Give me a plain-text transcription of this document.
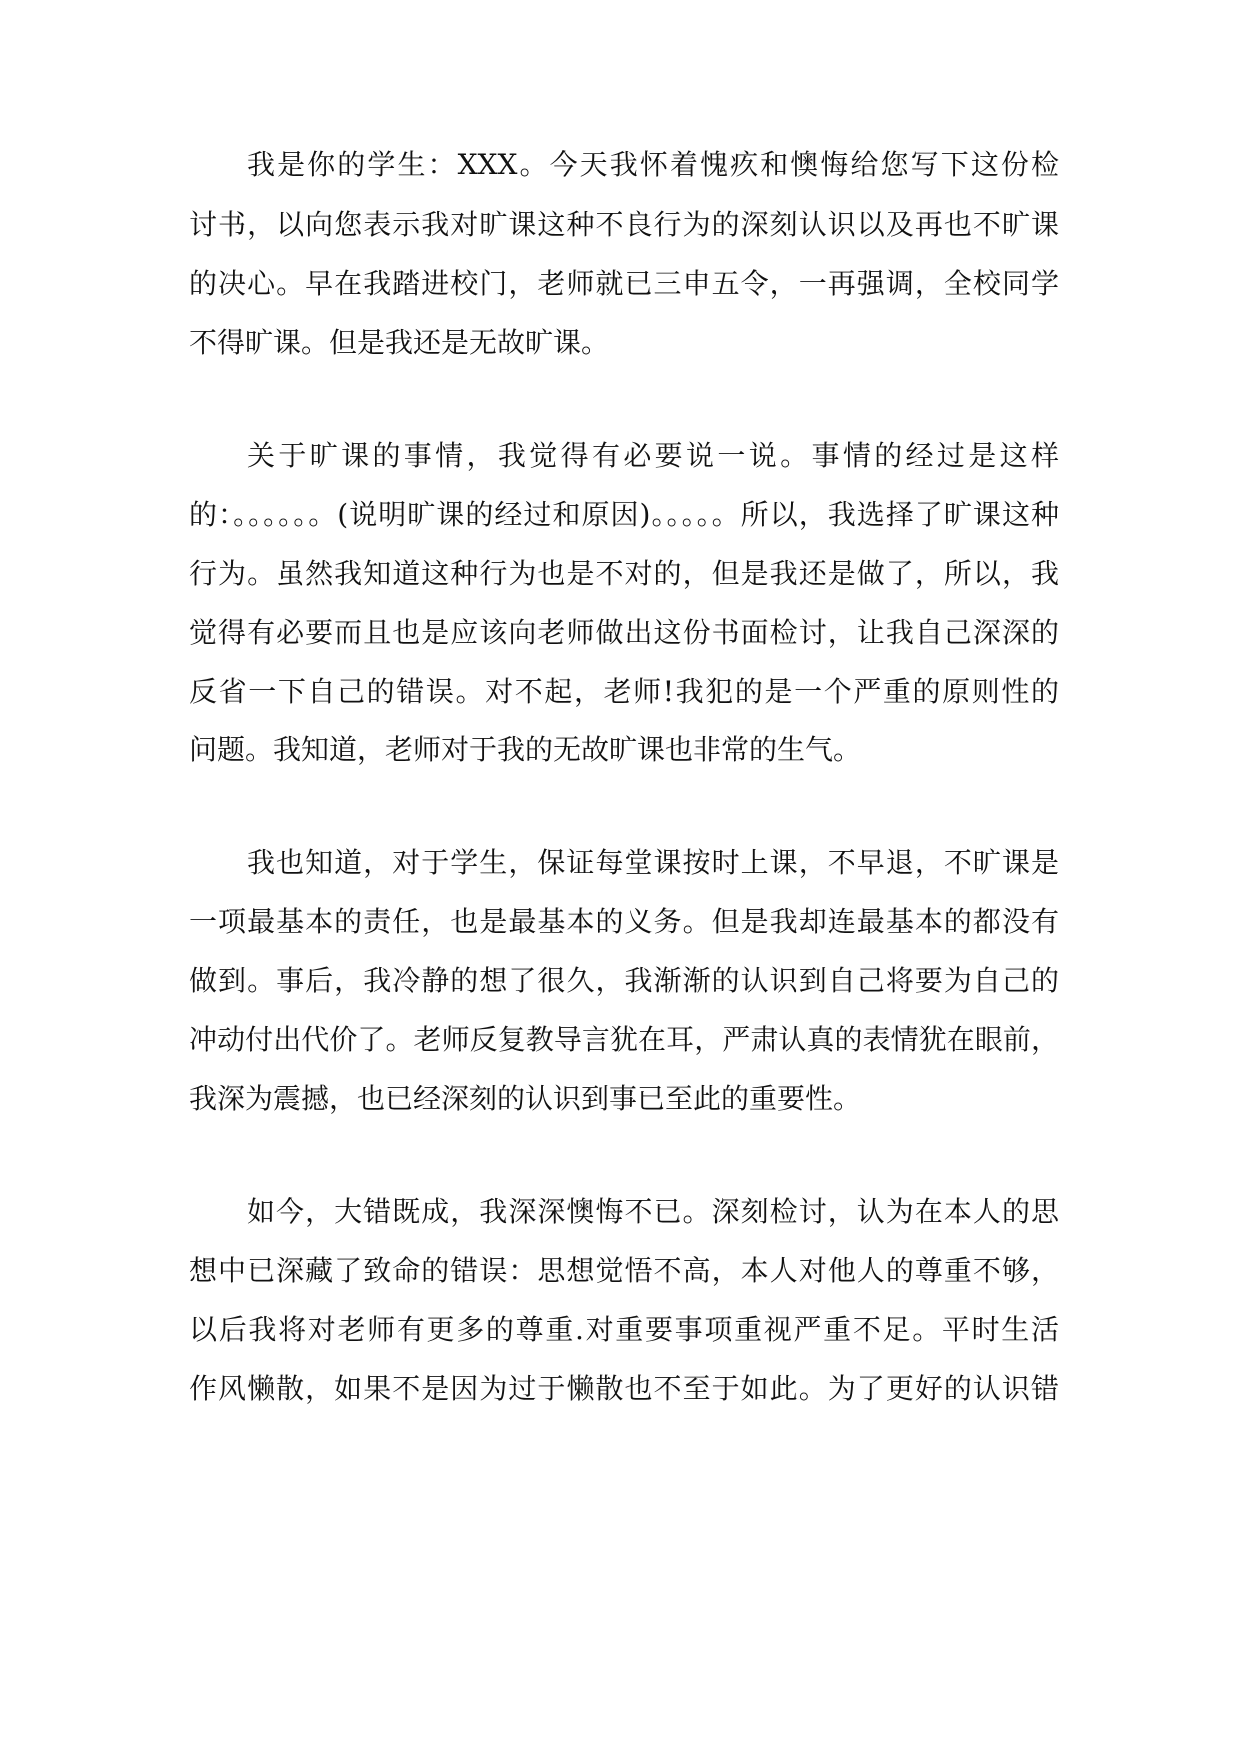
我是你的学生：XXX。今天我怀着愧疚和懊悔给您写下这份检

讨书，以向您表示我对旷课这种不良行为的深刻认识以及再也不旷课

的决心。早在我踏进校门，老师就已三申五令，一再强调，全校同学

不得旷课。但是我还是无故旷课。

关于旷课的事情，我觉得有必要说一说。事情的经过是这样

的：。。。。。。(说明旷课的经过和原因)。。。。。所以，我选择了旷课这种

行为。虽然我知道这种行为也是不对的，但是我还是做了，所以，我

觉得有必要而且也是应该向老师做出这份书面检讨，让我自己深深的

反省一下自己的错误。对不起，老师!我犯的是一个严重的原则性的

问题。我知道，老师对于我的无故旷课也非常的生气。

我也知道，对于学生，保证每堂课按时上课，不早退，不旷课是

一项最基本的责任，也是最基本的义务。但是我却连最基本的都没有

做到。事后，我冷静的想了很久，我渐渐的认识到自己将要为自己的

冲动付出代价了。老师反复教导言犹在耳，严肃认真的表情犹在眼前，

我深为震撼，也已经深刻的认识到事已至此的重要性。

如今，大错既成，我深深懊悔不已。深刻检讨，认为在本人的思

想中已深藏了致命的错误：思想觉悟不高，本人对他人的尊重不够，

以后我将对老师有更多的尊重.对重要事项重视严重不足。平时生活

作风懒散，如果不是因为过于懒散也不至于如此。为了更好的认识错
